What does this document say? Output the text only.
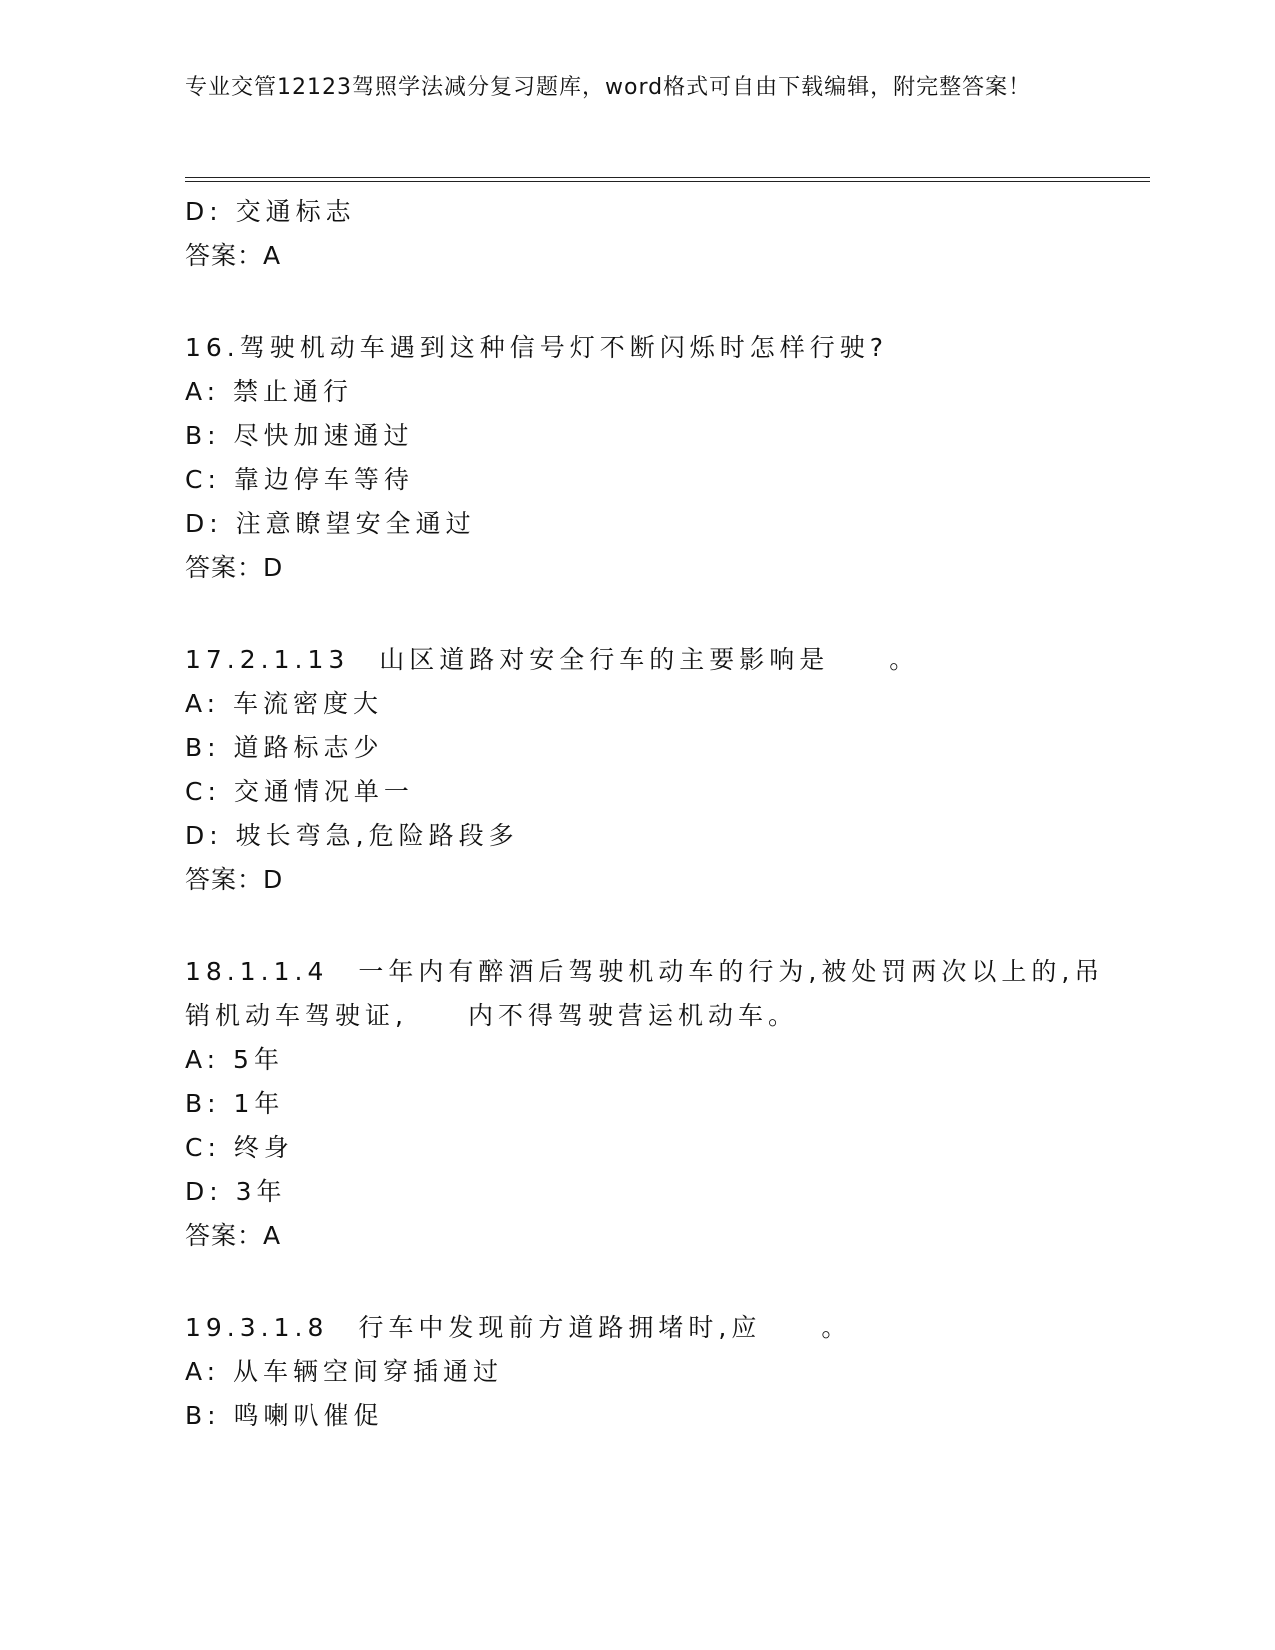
专业交管12123驾照学法减分复习题库，word格式可自由下载编辑，附完整答案！
D: 交通标志
答案：A
16.驾驶机动车遇到这种信号灯不断闪烁时怎样行驶?
A: 禁止通行
B: 尽快加速通过
C: 靠边停车等待
D: 注意瞭望安全通过
答案：D
17.2.1.13　山区道路对安全行车的主要影响是　　。
A: 车流密度大
B: 道路标志少
C: 交通情况单一
D: 坡长弯急,危险路段多
答案：D
18.1.1.4　一年内有醉酒后驾驶机动车的行为,被处罚两次以上的,吊
销机动车驾驶证,　　内不得驾驶营运机动车。
A: 5年
B: 1年
C: 终身
D: 3年
答案：A
19.3.1.8　行车中发现前方道路拥堵时,应　　。
A: 从车辆空间穿插通过
B: 鸣喇叭催促
